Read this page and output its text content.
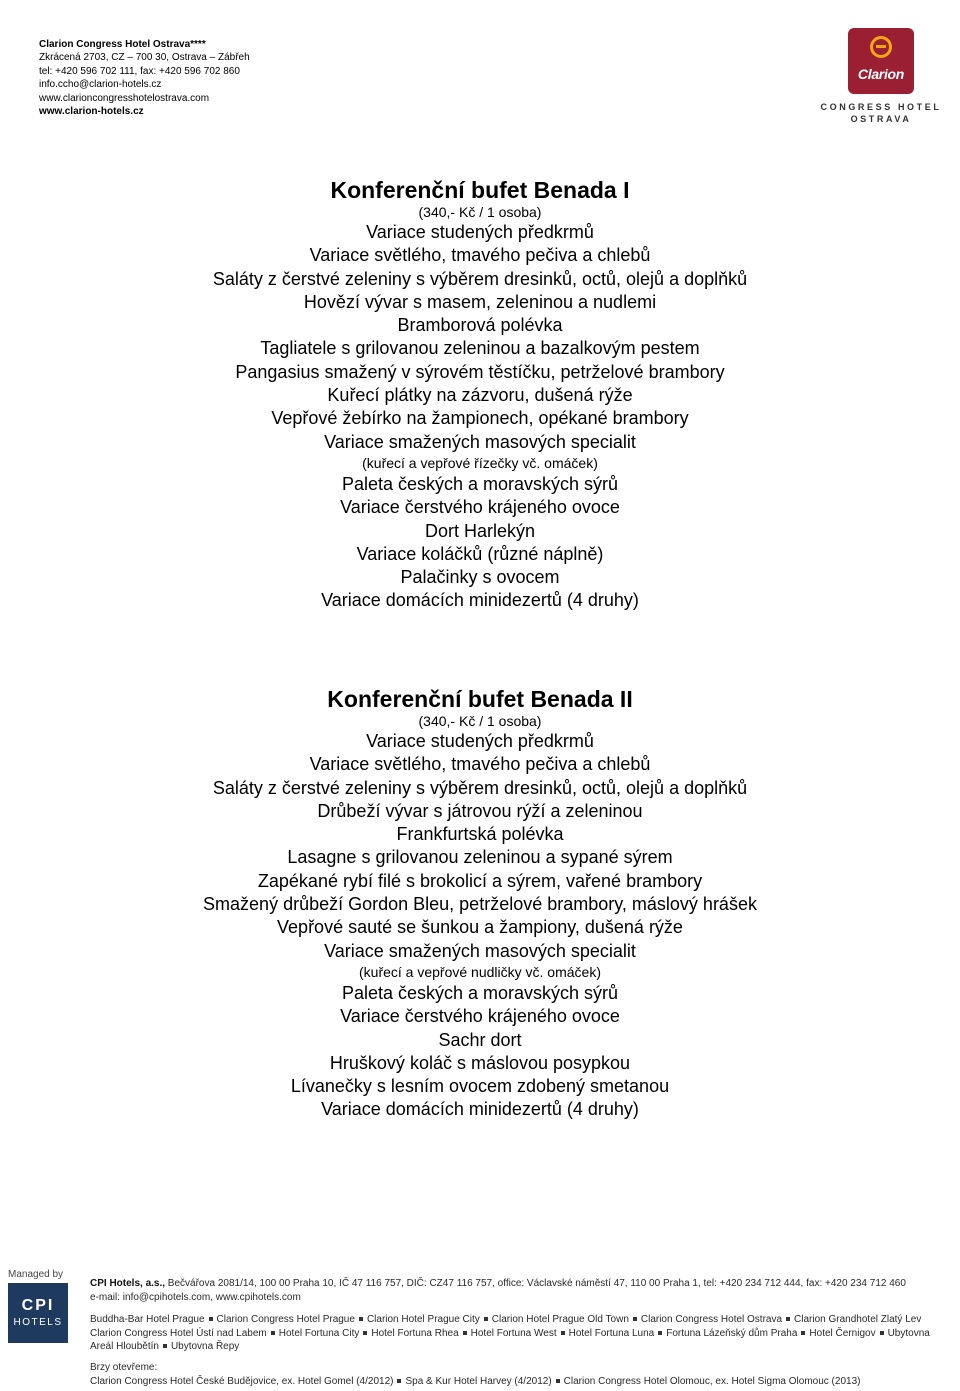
Clarion Congress Hotel Ostrava****
Zkrácená 2703, CZ – 700 30, Ostrava – Zábřeh
tel: +420 596 702 111, fax: +420 596 702 860
info.ccho@clarion-hotels.cz
www.clarioncongresshotelostrava.com
www.clarion-hotels.cz
Clarion
CONGRESS HOTEL
OSTRAVA
Konferenční bufet Benada I
(340,- Kč / 1 osoba)
Variace studených předkrmů
Variace světlého, tmavého pečiva a chlebů
Saláty z čerstvé zeleniny s výběrem dresinků, octů, olejů a doplňků
Hovězí vývar s masem, zeleninou a nudlemi
Bramborová polévka
Tagliatele s grilovanou zeleninou a bazalkovým pestem
Pangasius smažený v sýrovém těstíčku, petrželové brambory
Kuřecí plátky na zázvoru, dušená rýže
Vepřové žebírko na žampionech, opékané brambory
Variace smažených masových specialit
(kuřecí a vepřové řízečky vč. omáček)
Paleta českých a moravských sýrů
Variace čerstvého krájeného ovoce
Dort Harlekýn
Variace koláčků (různé náplně)
Palačinky s ovocem
Variace domácích minidezertů (4 druhy)
Konferenční bufet Benada II
(340,- Kč / 1 osoba)
Variace studených předkrmů
Variace světlého, tmavého pečiva a chlebů
Saláty z čerstvé zeleniny s výběrem dresinků, octů, olejů a doplňků
Drůbeží vývar s játrovou rýží a zeleninou
Frankfurtská polévka
Lasagne s grilovanou zeleninou a sypané sýrem
Zapékané rybí filé s brokolicí a sýrem, vařené brambory
Smažený drůbeží Gordon Bleu, petrželové brambory, máslový hrášek
Vepřové sauté se šunkou a žampiony, dušená rýže
Variace smažených masových specialit
(kuřecí a vepřové nudličky vč. omáček)
Paleta českých a moravských sýrů
Variace čerstvého krájeného ovoce
Sachr dort
Hruškový koláč s máslovou posypkou
Lívanečky s lesním ovocem zdobený smetanou
Variace domácích minidezertů (4 druhy)
Managed by
CPI
HOTELS
CPI Hotels, a.s., Bečvářova 2081/14, 100 00 Praha 10, IČ 47 116 757, DIČ: CZ47 116 757, office: Václavské náměstí 47, 110 00 Praha 1, tel: +420 234 712 444, fax: +420 234 712 460
e-mail: info@cpihotels.com, www.cpihotels.com
Buddha-Bar Hotel Prague Clarion Congress Hotel Prague Clarion Hotel Prague City Clarion Hotel Prague Old Town Clarion Congress Hotel Ostrava Clarion Grandhotel Zlatý Lev
Clarion Congress Hotel Ústí nad Labem Hotel Fortuna City Hotel Fortuna Rhea Hotel Fortuna West Hotel Fortuna Luna Fortuna Lázeňský dům Praha Hotel Černigov Ubytovna Areál Hloubětín Ubytovna Řepy
Brzy otevřeme:
Clarion Congress Hotel České Budějovice, ex. Hotel Gomel (4/2012) Spa & Kur Hotel Harvey (4/2012) Clarion Congress Hotel Olomouc, ex. Hotel Sigma Olomouc (2013)
